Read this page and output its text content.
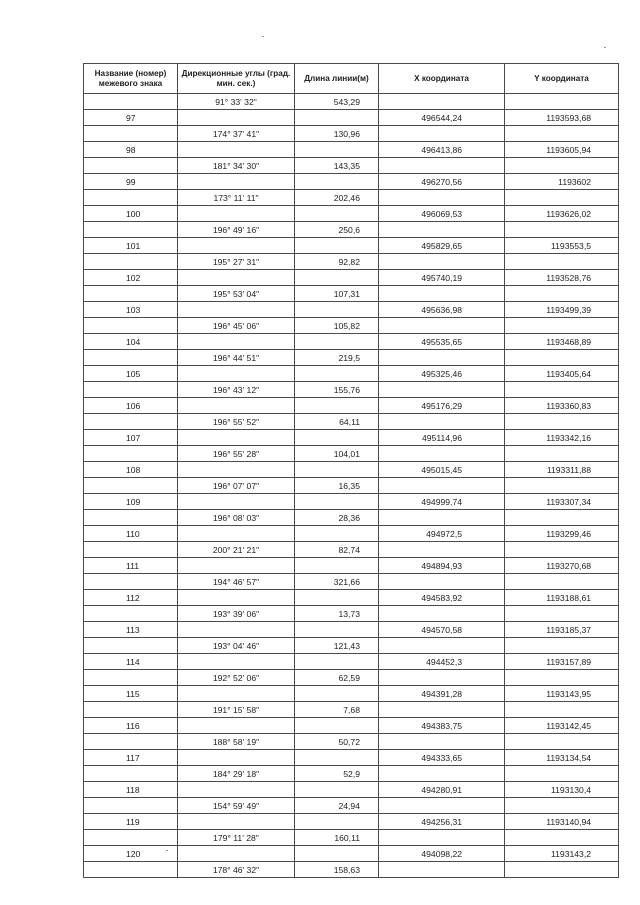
Название (номер) межевого знака	Дирекционные углы (град. мин. сек.)	Длина линии(м)	X координата	Y координата
	91° 33' 32"	543,29		
97			496544,24	1193593,68
	174° 37' 41"	130,96		
98			496413,86	1193605,94
	181° 34' 30"	143,35		
99			496270,56	1193602
	173° 11' 11"	202,46		
100			496069,53	1193626,02
	196° 49' 16"	250,6		
101			495829,65	1193553,5
	195° 27' 31"	92,82		
102			495740,19	1193528,76
	195° 53' 04"	107,31		
103			495636,98	1193499,39
	196° 45' 06"	105,82		
104			495535,65	1193468,89
	196° 44' 51"	219,5		
105			495325,46	1193405,64
	196° 43' 12"	155,76		
106			495176,29	1193360,83
	196° 55' 52"	64,11		
107			495114,96	1193342,16
	196° 55' 28"	104,01		
108			495015,45	1193311,88
	196° 07' 07"	16,35		
109			494999,74	1193307,34
	196° 08' 03"	28,36		
110			494972,5	1193299,46
	200° 21' 21"	82,74		
111			494894,93	1193270,68
	194° 46' 57"	321,66		
112			494583,92	1193188,61
	193° 39' 06"	13,73		
113			494570,58	1193185,37
	193° 04' 46"	121,43		
114			494452,3	1193157,89
	192° 52' 06"	62,59		
115			494391,28	1193143,95
	191° 15' 58"	7,68		
116			494383,75	1193142,45
	188° 58' 19"	50,72		
117			494333,65	1193134,54
	184° 29' 18"	52,9		
118			494280,91	1193130,4
	154° 59' 49"	24,94		
119			494256,31	1193140,94
	179° 11' 28"	160,11		
120			494098,22	1193143,2
	178° 46' 32"	158,63		
